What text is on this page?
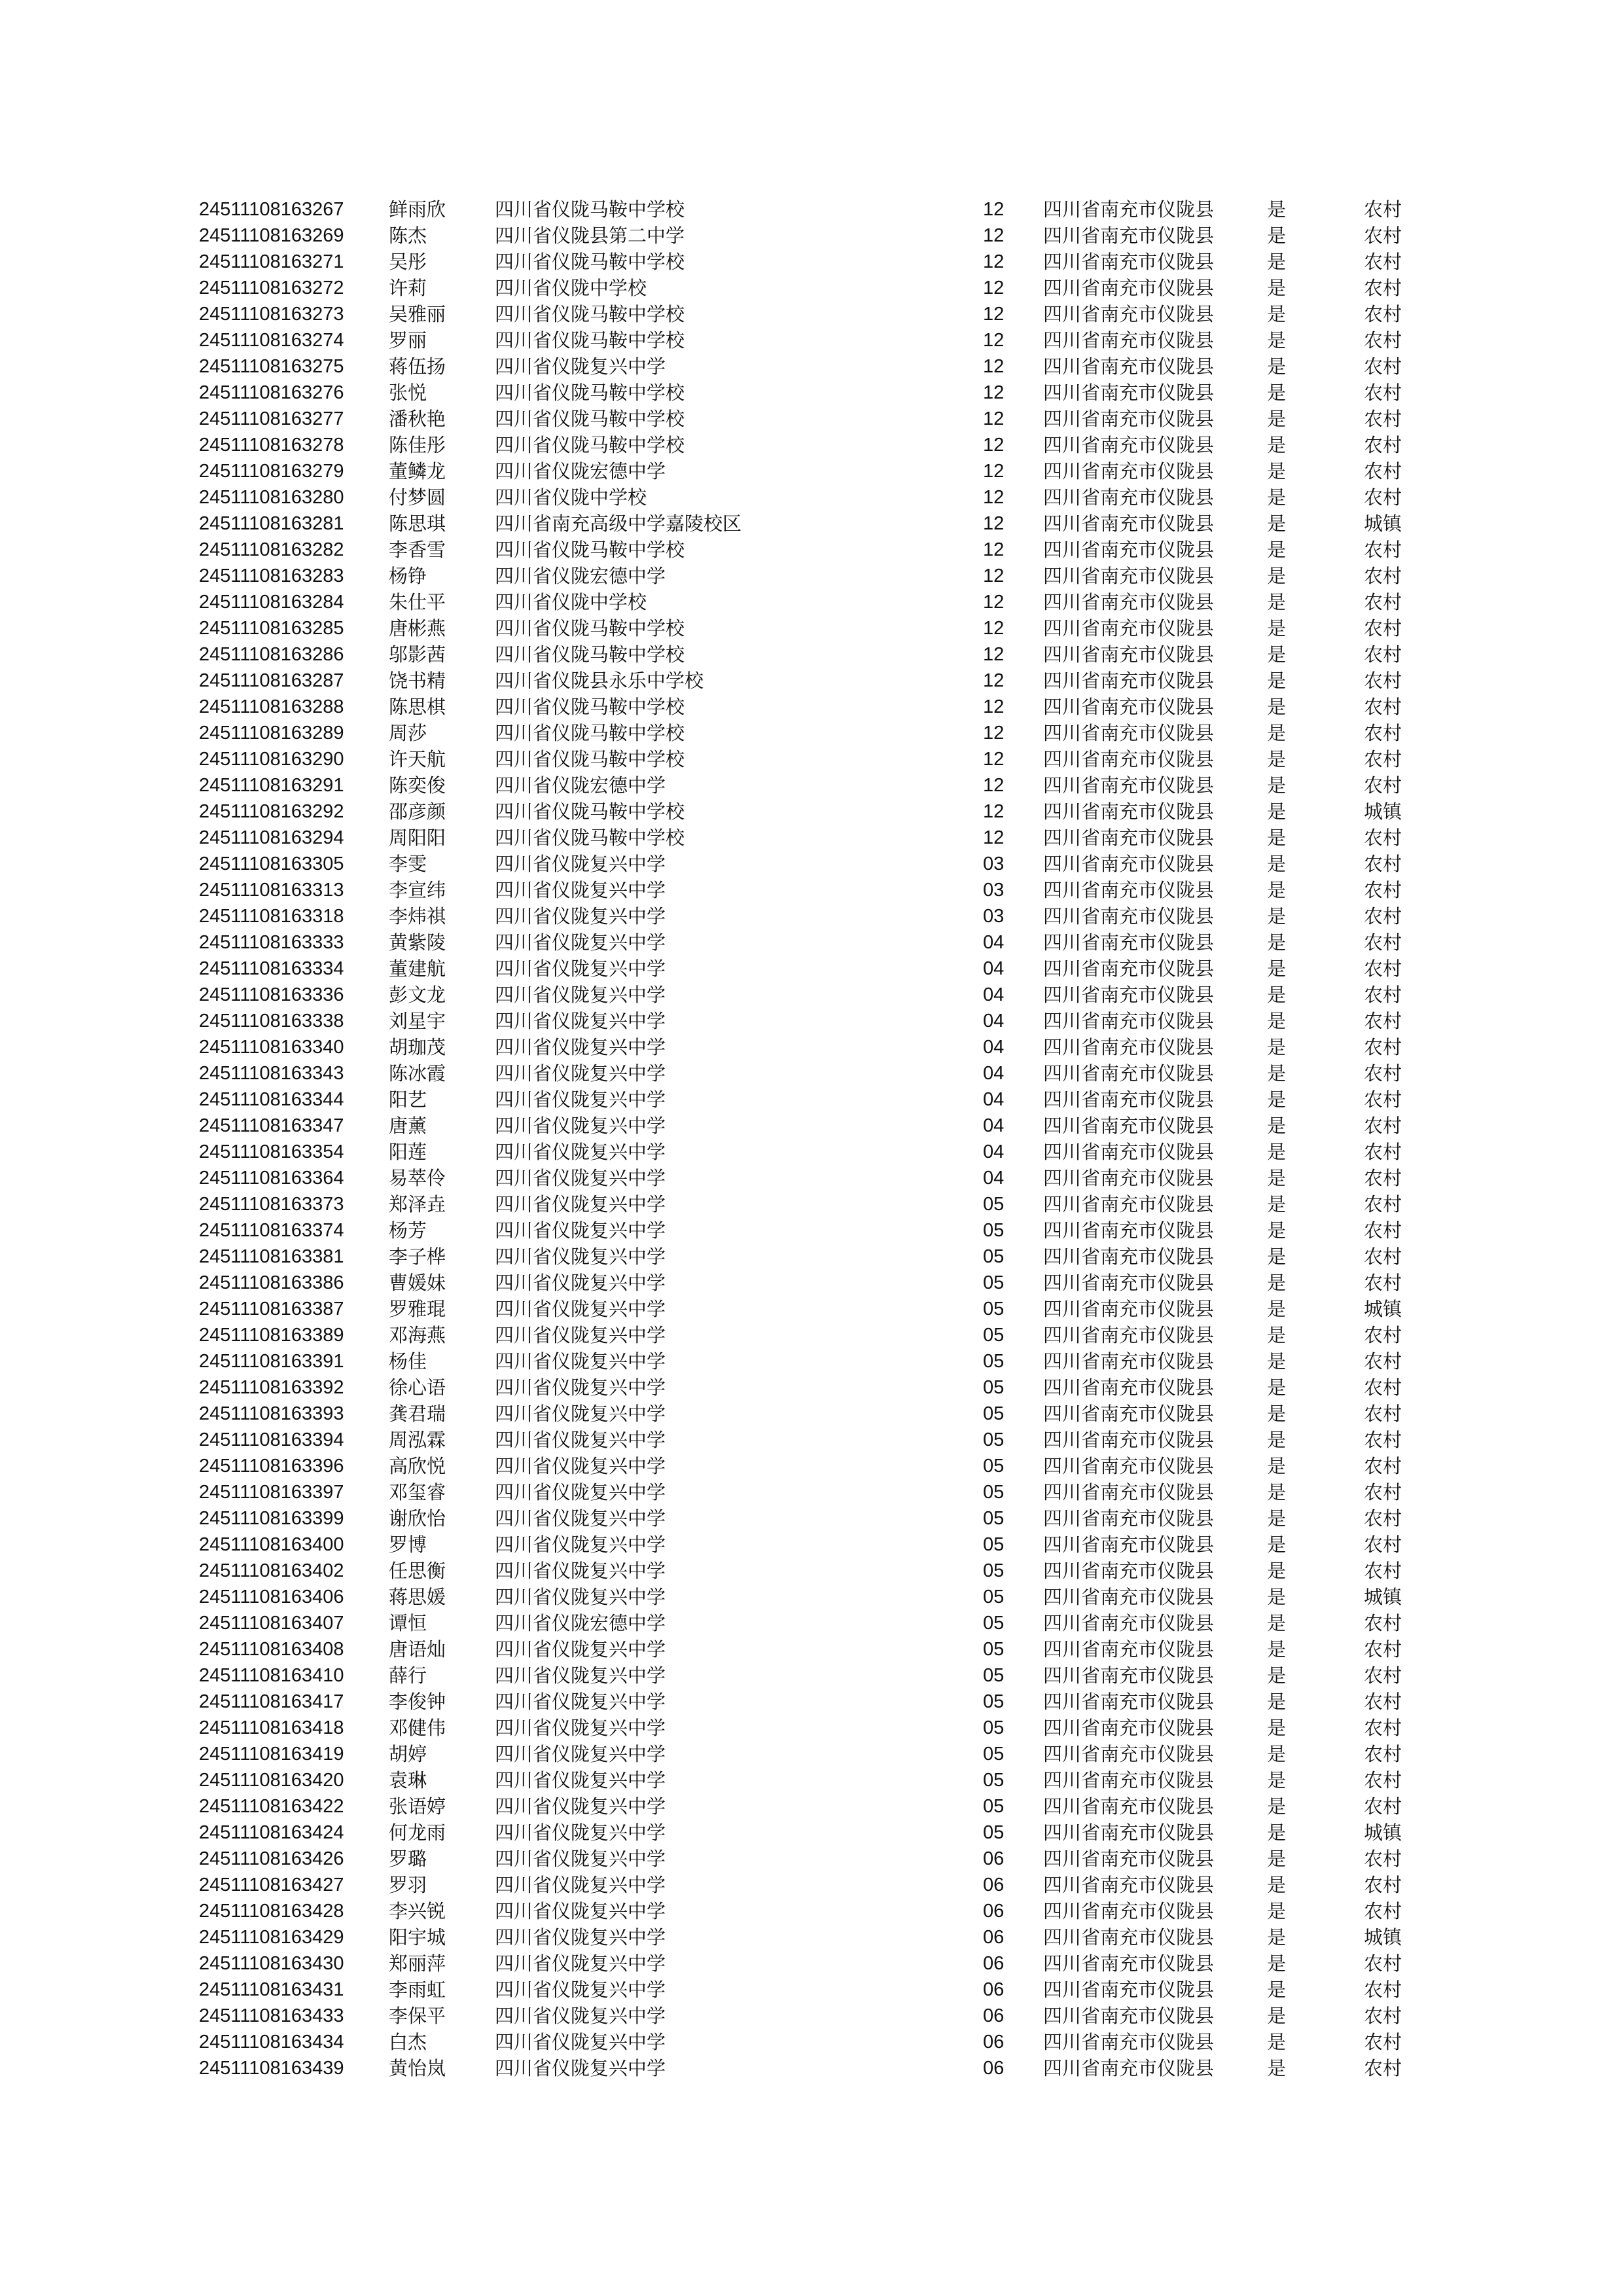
24511108163267 鲜雨欣	四川省仪陇马鞍中学校	12 四川省南充市仪陇县	是	农村
24511108163269 陈杰	四川省仪陇县第二中学	12 四川省南充市仪陇县	是	农村
24511108163271 吴彤	四川省仪陇马鞍中学校	12 四川省南充市仪陇县	是	农村
24511108163272 许莉	四川省仪陇中学校	12 四川省南充市仪陇县	是	农村
24511108163273 吴雅丽	四川省仪陇马鞍中学校	12 四川省南充市仪陇县	是	农村
24511108163274 罗丽	四川省仪陇马鞍中学校	12 四川省南充市仪陇县	是	农村
24511108163275 蒋伍扬	四川省仪陇复兴中学	12 四川省南充市仪陇县	是	农村
24511108163276 张悦	四川省仪陇马鞍中学校	12 四川省南充市仪陇县	是	农村
24511108163277 潘秋艳	四川省仪陇马鞍中学校	12 四川省南充市仪陇县	是	农村
24511108163278 陈佳彤	四川省仪陇马鞍中学校	12 四川省南充市仪陇县	是	农村
24511108163279 董鳞龙	四川省仪陇宏德中学	12 四川省南充市仪陇县	是	农村
24511108163280 付梦圆	四川省仪陇中学校	12 四川省南充市仪陇县	是	农村
24511108163281 陈思琪	四川省南充高级中学嘉陵校区	12 四川省南充市仪陇县	是	城镇
24511108163282 李香雪	四川省仪陇马鞍中学校	12 四川省南充市仪陇县	是	农村
24511108163283 杨铮	四川省仪陇宏德中学	12 四川省南充市仪陇县	是	农村
24511108163284 朱仕平	四川省仪陇中学校	12 四川省南充市仪陇县	是	农村
24511108163285 唐彬燕	四川省仪陇马鞍中学校	12 四川省南充市仪陇县	是	农村
24511108163286 邬影茜	四川省仪陇马鞍中学校	12 四川省南充市仪陇县	是	农村
24511108163287 饶书精	四川省仪陇县永乐中学校	12 四川省南充市仪陇县	是	农村
24511108163288 陈思棋	四川省仪陇马鞍中学校	12 四川省南充市仪陇县	是	农村
24511108163289 周莎	四川省仪陇马鞍中学校	12 四川省南充市仪陇县	是	农村
24511108163290 许天航	四川省仪陇马鞍中学校	12 四川省南充市仪陇县	是	农村
24511108163291 陈奕俊	四川省仪陇宏德中学	12 四川省南充市仪陇县	是	农村
24511108163292 邵彦颜	四川省仪陇马鞍中学校	12 四川省南充市仪陇县	是	城镇
24511108163294 周阳阳	四川省仪陇马鞍中学校	12 四川省南充市仪陇县	是	农村
24511108163305 李雯	四川省仪陇复兴中学	03 四川省南充市仪陇县	是	农村
24511108163313 李宣纬	四川省仪陇复兴中学	03 四川省南充市仪陇县	是	农村
24511108163318 李炜祺	四川省仪陇复兴中学	03 四川省南充市仪陇县	是	农村
24511108163333 黄紫陵	四川省仪陇复兴中学	04 四川省南充市仪陇县	是	农村
24511108163334 董建航	四川省仪陇复兴中学	04 四川省南充市仪陇县	是	农村
24511108163336 彭文龙	四川省仪陇复兴中学	04 四川省南充市仪陇县	是	农村
24511108163338 刘星宇	四川省仪陇复兴中学	04 四川省南充市仪陇县	是	农村
24511108163340 胡珈茂	四川省仪陇复兴中学	04 四川省南充市仪陇县	是	农村
24511108163343 陈冰霞	四川省仪陇复兴中学	04 四川省南充市仪陇县	是	农村
24511108163344 阳艺	四川省仪陇复兴中学	04 四川省南充市仪陇县	是	农村
24511108163347 唐薰	四川省仪陇复兴中学	04 四川省南充市仪陇县	是	农村
24511108163354 阳莲	四川省仪陇复兴中学	04 四川省南充市仪陇县	是	农村
24511108163364 易萃伶	四川省仪陇复兴中学	04 四川省南充市仪陇县	是	农村
24511108163373 郑泽垚	四川省仪陇复兴中学	05 四川省南充市仪陇县	是	农村
24511108163374 杨芳	四川省仪陇复兴中学	05 四川省南充市仪陇县	是	农村
24511108163381 李子桦	四川省仪陇复兴中学	05 四川省南充市仪陇县	是	农村
24511108163386 曹媛妹	四川省仪陇复兴中学	05 四川省南充市仪陇县	是	农村
24511108163387 罗雅琨	四川省仪陇复兴中学	05 四川省南充市仪陇县	是	城镇
24511108163389 邓海燕	四川省仪陇复兴中学	05 四川省南充市仪陇县	是	农村
24511108163391 杨佳	四川省仪陇复兴中学	05 四川省南充市仪陇县	是	农村
24511108163392 徐心语	四川省仪陇复兴中学	05 四川省南充市仪陇县	是	农村
24511108163393 龚君瑞	四川省仪陇复兴中学	05 四川省南充市仪陇县	是	农村
24511108163394 周泓霖	四川省仪陇复兴中学	05 四川省南充市仪陇县	是	农村
24511108163396 高欣悦	四川省仪陇复兴中学	05 四川省南充市仪陇县	是	农村
24511108163397 邓玺睿	四川省仪陇复兴中学	05 四川省南充市仪陇县	是	农村
24511108163399 谢欣怡	四川省仪陇复兴中学	05 四川省南充市仪陇县	是	农村
24511108163400 罗博	四川省仪陇复兴中学	05 四川省南充市仪陇县	是	农村
24511108163402 任思衡	四川省仪陇复兴中学	05 四川省南充市仪陇县	是	农村
24511108163406 蒋思媛	四川省仪陇复兴中学	05 四川省南充市仪陇县	是	城镇
24511108163407 谭恒	四川省仪陇宏德中学	05 四川省南充市仪陇县	是	农村
24511108163408 唐语灿	四川省仪陇复兴中学	05 四川省南充市仪陇县	是	农村
24511108163410 薛行	四川省仪陇复兴中学	05 四川省南充市仪陇县	是	农村
24511108163417 李俊钟	四川省仪陇复兴中学	05 四川省南充市仪陇县	是	农村
24511108163418 邓健伟	四川省仪陇复兴中学	05 四川省南充市仪陇县	是	农村
24511108163419 胡婷	四川省仪陇复兴中学	05 四川省南充市仪陇县	是	农村
24511108163420 袁琳	四川省仪陇复兴中学	05 四川省南充市仪陇县	是	农村
24511108163422 张语婷	四川省仪陇复兴中学	05 四川省南充市仪陇县	是	农村
24511108163424 何龙雨	四川省仪陇复兴中学	05 四川省南充市仪陇县	是	城镇
24511108163426 罗璐	四川省仪陇复兴中学	06 四川省南充市仪陇县	是	农村
24511108163427 罗羽	四川省仪陇复兴中学	06 四川省南充市仪陇县	是	农村
24511108163428 李兴锐	四川省仪陇复兴中学	06 四川省南充市仪陇县	是	农村
24511108163429 阳宇城	四川省仪陇复兴中学	06 四川省南充市仪陇县	是	城镇
24511108163430 郑丽萍	四川省仪陇复兴中学	06 四川省南充市仪陇县	是	农村
24511108163431 李雨虹	四川省仪陇复兴中学	06 四川省南充市仪陇县	是	农村
24511108163433 李保平	四川省仪陇复兴中学	06 四川省南充市仪陇县	是	农村
24511108163434 白杰	四川省仪陇复兴中学	06 四川省南充市仪陇县	是	农村
24511108163439 黄怡岚	四川省仪陇复兴中学	06 四川省南充市仪陇县	是	农村
